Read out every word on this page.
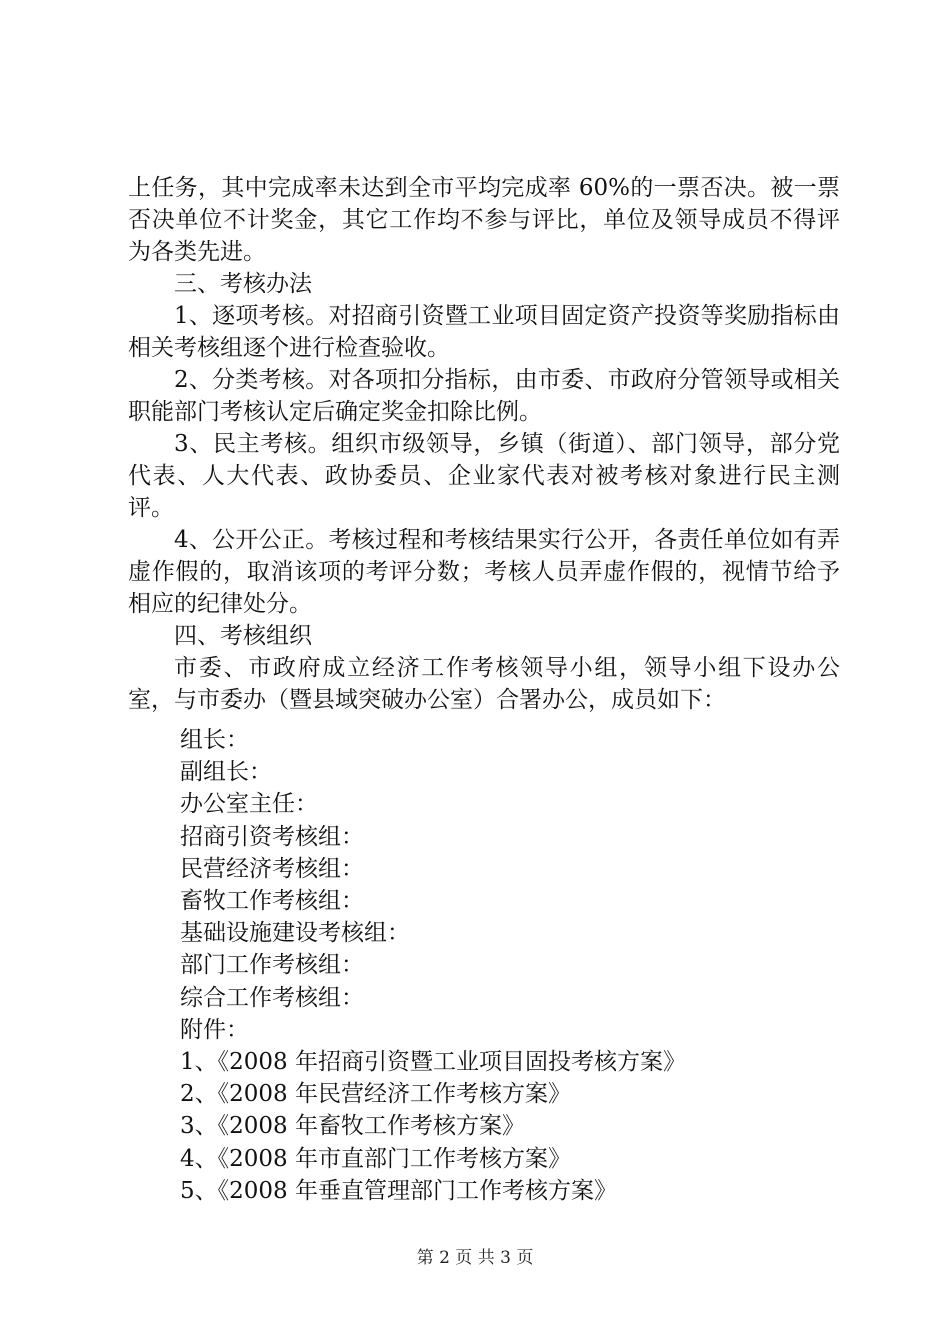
上任务，其中完成率未达到全市平均完成率 60%的一票否决。被一票否决单位不计奖金，其它工作均不参与评比，单位及领导成员不得评为各类先进。

三、考核办法

1、逐项考核。对招商引资暨工业项目固定资产投资等奖励指标由相关考核组逐个进行检查验收。

2、分类考核。对各项扣分指标，由市委、市政府分管领导或相关职能部门考核认定后确定奖金扣除比例。

3、民主考核。组织市级领导，乡镇（街道）、部门领导，部分党代表、人大代表、政协委员、企业家代表对被考核对象进行民主测评。

4、公开公正。考核过程和考核结果实行公开，各责任单位如有弄虚作假的，取消该项的考评分数；考核人员弄虚作假的，视情节给予相应的纪律处分。

四、考核组织

市委、市政府成立经济工作考核领导小组，领导小组下设办公室，与市委办（暨县域突破办公室）合署办公，成员如下：

组长：

副组长：

办公室主任：

招商引资考核组：

民营经济考核组：

畜牧工作考核组：

基础设施建设考核组：

部门工作考核组：

综合工作考核组：

附件：

1、《2008 年招商引资暨工业项目固投考核方案》

2、《2008 年民营经济工作考核方案》

3、《2008 年畜牧工作考核方案》

4、《2008 年市直部门工作考核方案》

5、《2008 年垂直管理部门工作考核方案》

第 2 页 共 3 页
